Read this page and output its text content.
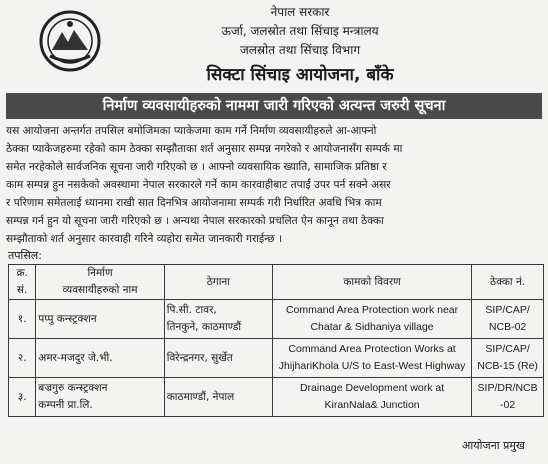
नेपाल सरकार
ऊर्जा, जलस्रोत तथा सिंचाइ मन्त्रालय
जलस्रोत तथा सिंचाइ विभाग
सिक्टा सिंचाइ आयोजना, बाँके
निर्माण व्यवसायीहरुको नाममा जारी गरिएको अत्यन्त जरुरी सूचना
यस आयोजना अन्तर्गत तपसिल बमोजिमका प्याकेजमा काम गर्ने निर्माण व्यवसायीहरुले आ-आफ्नो
ठेक्का प्याकेजहरुमा रहेको काम ठेक्का सम्झौताका शर्त अनुसार सम्पन्न नगरेको र आयोजनासँग सम्पर्क मा
समेत नरहेकोले सार्वजनिक सूचना जारी गरिएको छ । आफ्नो व्यवसायिक ख्याति, सामाजिक प्रतिष्ठा र
काम सम्पन्न हुन नसकेको अवस्थामा नेपाल सरकारले गर्ने काम कारवाहीबाट तपाईं उपर पर्न सक्ने असर
र परिणाम समेतलाई ध्यानमा राखी सात दिनभित्र आयोजनामा सम्पर्क गरी निर्धारित अवधि भित्र काम
सम्पन्न गर्न हुन यो सूचना जारी गरिएको छ । अन्यथा नेपाल सरकारको प्रचलित ऐन कानून तथा ठेक्का
सम्झौताको शर्त अनुसार कारवाही गरिने व्यहोरा समेत जानकारी गराईन्छ ।
तपसिल:
क्र.
सं.	निर्माण
व्यवसायीहरुको नाम	ठेगाना	कामको विवरण	ठेक्का नं.
१.	पप्पु कन्स्ट्रक्शन	पि.सी. टावर,
तिनकुने, काठमाण्डौं	Command Area Protection work near
Chatar & Sidhaniya village	SIP/CAP/
NCB-02

२.	अमर-मजदुर जे.भी.	विरेन्द्रनगर, सुर्खेत	Command Area Protection Works at
JhijhariKhola U/S to East-West Highway	SIP/CAP/
NCB-15 (Re)

३.	बज्रगुरु कन्स्ट्रक्शन
कम्पनी प्रा.लि.	काठमाण्डौं, नेपाल	Drainage Development work at
KiranNala& Junction	SIP/DR/NCB
-02
आयोजना प्रमुख
